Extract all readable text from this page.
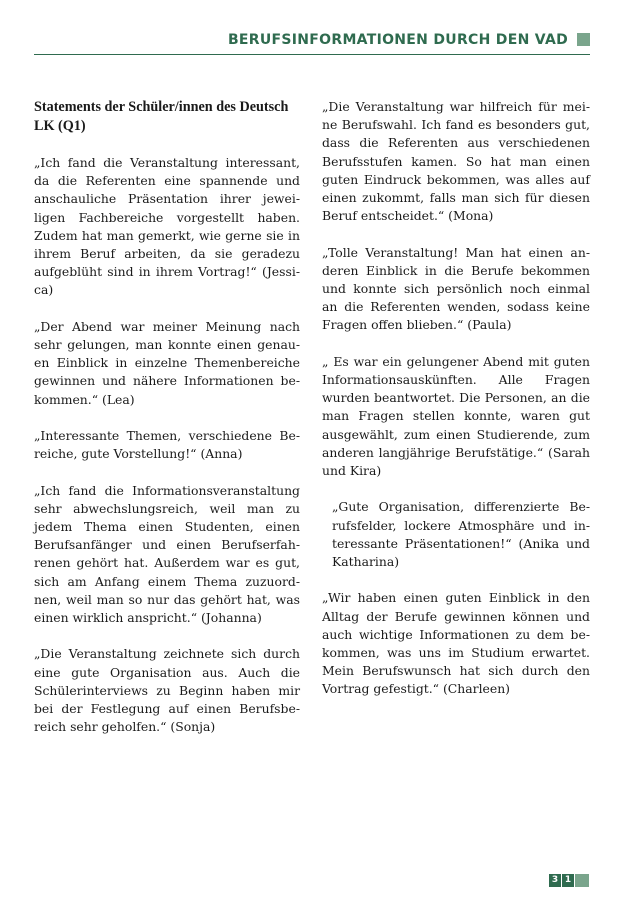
BERUFSINFORMATIONEN DURCH DEN VAD

Statements der Schüler/innen des Deutsch LK (Q1)

„Ich fand die Veranstaltung interessant, da die Referenten eine spannende und anschauliche Präsentation ihrer jeweiligen Fachbereiche vorgestellt haben. Zudem hat man gemerkt, wie gerne sie in ihrem Beruf arbeiten, da sie geradezu aufgeblüht sind in ihrem Vortrag!“ (Jessica)

„Der Abend war meiner Meinung nach sehr gelungen, man konnte einen genauen Einblick in einzelne Themenbereiche gewinnen und nähere Informationen bekommen.“ (Lea)

„Interessante Themen, verschiedene Bereiche, gute Vorstellung!“ (Anna)

„Ich fand die Informationsveranstaltung sehr abwechslungsreich, weil man zu jedem Thema einen Studenten, einen Berufsanfänger und einen Berufserfahrenen gehört hat. Außerdem war es gut, sich am Anfang einem Thema zuzuordnen, weil man so nur das gehört hat, was einen wirklich anspricht.“ (Johanna)

„Die Veranstaltung zeichnete sich durch eine gute Organisation aus. Auch die Schülerinterviews zu Beginn haben mir bei der Festlegung auf einen Berufsbereich sehr geholfen.“ (Sonja)

„Die Veranstaltung war hilfreich für meine Berufswahl. Ich fand es besonders gut, dass die Referenten aus verschiedenen Berufsstufen kamen. So hat man einen guten Eindruck bekommen, was alles auf einen zukommt, falls man sich für diesen Beruf entscheidet.“ (Mona)

„Tolle Veranstaltung! Man hat einen anderen Einblick in die Berufe bekommen und konnte sich persönlich noch einmal an die Referenten wenden, sodass keine Fragen offen blieben.“ (Paula)

„ Es war ein gelungener Abend mit guten Informationsauskünften. Alle Fragen wurden beantwortet. Die Personen, an die man Fragen stellen konnte, waren gut ausgewählt, zum einen Studierende, zum anderen langjährige Berufstätige.“ (Sarah und Kira)

„Gute Organisation, differenzierte Berufsfelder, lockere Atmosphäre und interessante Präsentationen!“ (Anika und Katharina)

„Wir haben einen guten Einblick in den Alltag der Berufe gewinnen können und auch wichtige Informationen zu dem bekommen, was uns im Studium erwartet. Mein Berufswunsch hat sich durch den Vortrag gefestigt.“ (Charleen)

3 1
